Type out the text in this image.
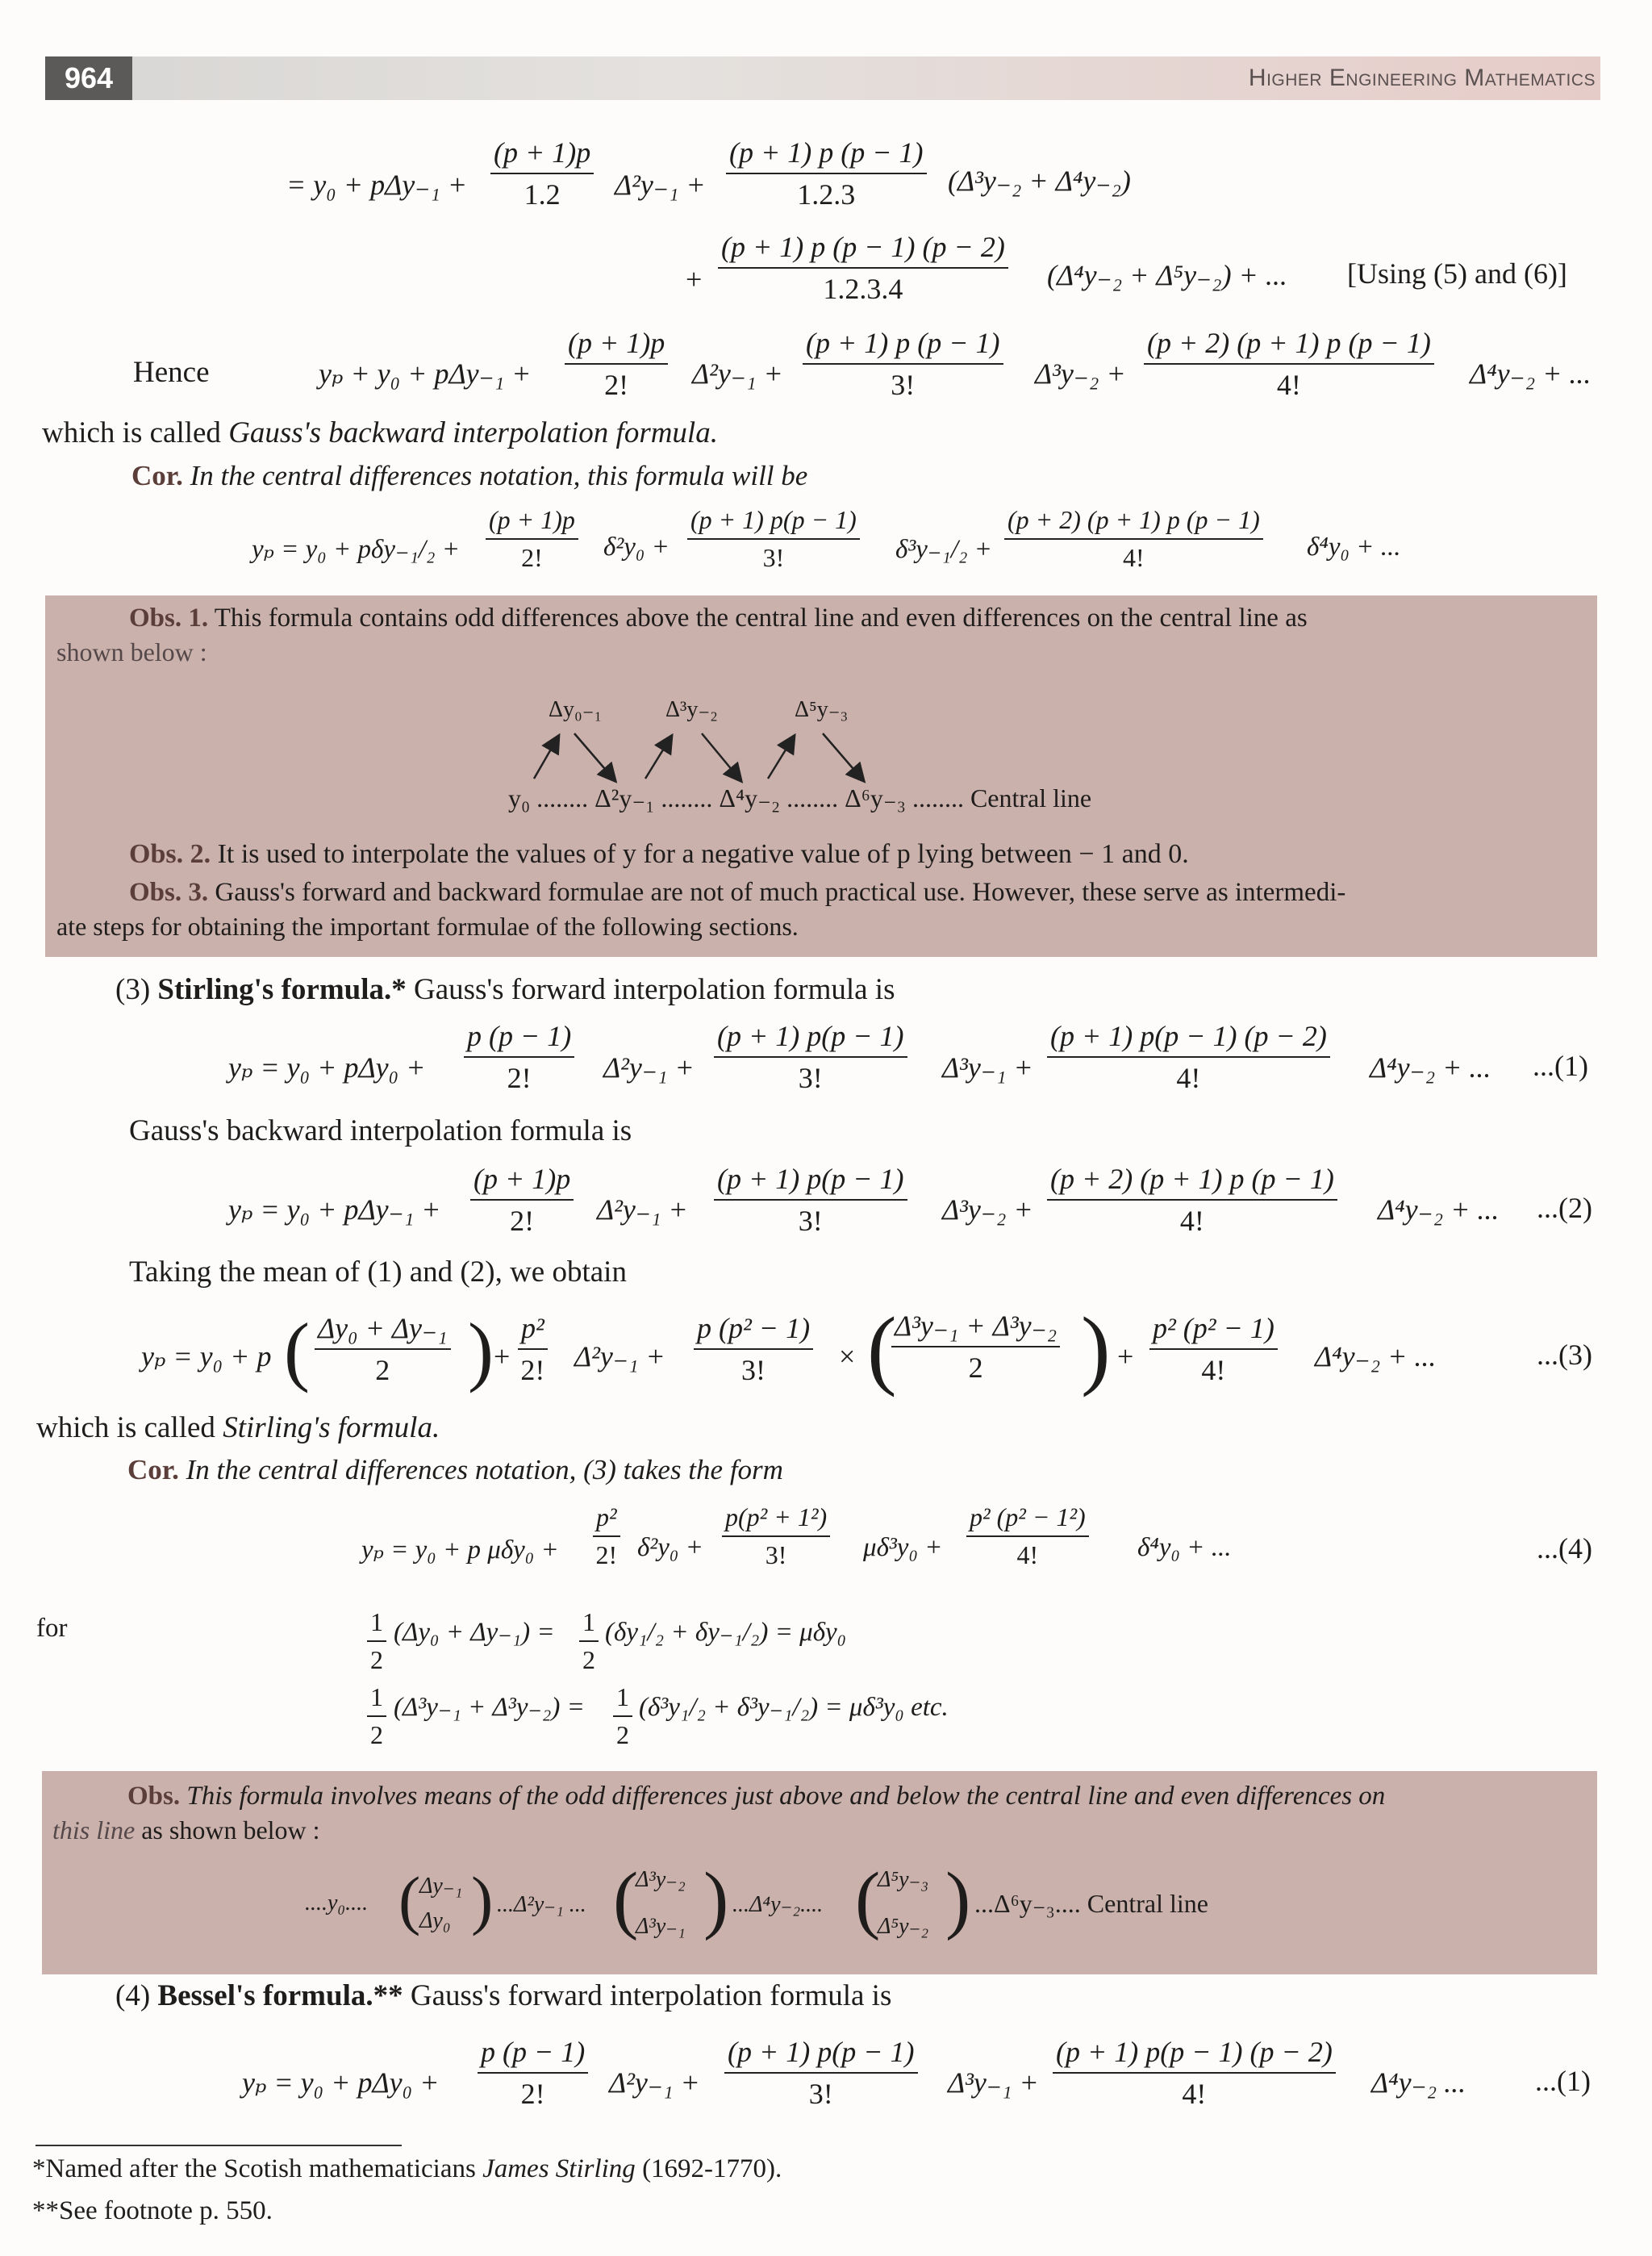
964	Higher Engineering Mathematics
= $y_0 + p\Delta y_{-1} + \frac{(p + 1)p}{1.2} \Delta^2y_{-1} + \frac{(p + 1) p (p - 1)}{1.2.3} (\Delta^3y_{-2} + \Delta^4y_{-2})$
+ $\frac{(p + 1) p (p - 1) (p - 2)}{1.2.3.4} (\Delta^4y_{-2} + \Delta^5y_{-2})$ + ... [Using (5) and (6)]
Hence	$y_p + y_0 + p\Delta y_{-1} + \frac{(p + 1)p}{2!} \Delta^2y_{-1} + \frac{(p + 1) p (p - 1)}{3!} \Delta^3y_{-2} + \frac{(p + 2) (p + 1) p (p - 1)}{4!} \Delta^4y_{-2}$ + ...
which is called Gauss's backward interpolation formula.
Cor. In the central differences notation, this formula will be
$y_p = y_0 + p\delta y_{-1}/_2 + \frac{(p + 1)p}{2!} \delta^2y_0 + \frac{(p + 1) p(p - 1)}{3!} \delta^3y_{-1}/_2 + \frac{(p + 2) (p + 1) p (p - 1)}{4!} \delta^4y_0$ + ...
Obs. 1. This formula contains odd differences above the central line and even differences on the central line as
shown below :
Δy₀₋₁	Δ³y₋₂	Δ⁵y₋₃
y₀ ........ Δ²y₋₁ ........ Δ⁴y₋₂ ........ Δ⁶y₋₃ ........ Central line
Obs. 2. It is used to interpolate the values of y for a negative value of p lying between − 1 and 0.
Obs. 3. Gauss's forward and backward formulae are not of much practical use. However, these serve as intermedi-
ate steps for obtaining the important formulae of the following sections.
(3) Stirling's formula.* Gauss's forward interpolation formula is
$y_p = y_0 + p\Delta y_0 + \frac{p (p - 1)}{2!} \Delta^2y_{-1} + \frac{(p + 1) p(p - 1)}{3!} \Delta^3y_{-1} + \frac{(p + 1) p(p - 1) (p - 2)}{4!} \Delta^4y_{-2}$ + ... ...(1)
Gauss's backward interpolation formula is
$y_p = y_0 + p\Delta y_{-1} + \frac{(p + 1)p}{2!} \Delta^2y_{-1} + \frac{(p + 1) p(p - 1)}{3!} \Delta^3y_{-2} + \frac{(p + 2) (p + 1) p (p - 1)}{4!} \Delta^4y_{-2}$ + ... ...(2)
Taking the mean of (1) and (2), we obtain
yₚ = y₀ + p ( $\frac{\text{Δy₀ + Δy₋₁}}{2}$ ) + $\frac{\text{p²}}{2!} \Delta^2y_{-1} + \frac{\text{p (p² − 1)}}{3!}$ × (
$\frac{\text{Δ³y₋₁ + Δ³y₋₂}}{2}$ ) + $\frac{\text{p² (p² − 1)}}{4!} \Delta^4y_{-2}$ + ...	...(3)
which is called Stirling's formula.
Cor. In the central differences notation, (3) takes the form
yₚ = y₀ + p $\mu\delta y_0 + \frac{\text{p²}}{2!} \delta^2y_0 + \frac{\text{p(p² + 1²)}}{3!} \mu\delta^3y_0 + \frac{\text{p² (p² − 1²)}}{4!} \delta^4y_0$ + ...	...(4)
for	$\frac{1}{2} (\Delta y_0 + \Delta y_{-1}) = \frac{1}{2} (\delta y_1/_2 + \delta y_{-1}/_2) = \mu\delta y_0$
$\frac{1}{2} (\Delta^3y_{-1} + \Delta^3y_{-2}) = \frac{1}{2} (\delta^3y_1/_2 + \delta^3y_{-1}/_2) = \mu\delta^3y_0$ etc.
Obs. This formula involves means of the odd differences just above and below the central line and even differences on
this line as shown below :
....y₀.... (
Δy₋₁
Δy₀ ) ...Δ²y₋₁ ... (
Δ³y₋₂
Δ³y₋₁ ) ...Δ⁴y₋₂.... (
Δ⁵y₋₃
Δ⁵y₋₂ ) ...Δ⁶y₋₃.... Central line
(4) Bessel's formula.** Gauss's forward interpolation formula is
$y_p = y_0 + p\Delta y_0 + \frac{p (p - 1)}{2!} \Delta^2y_{-1} + \frac{(p + 1) p(p - 1)}{3!} \Delta^3y_{-1} + \frac{(p + 1) p(p - 1) (p - 2)}{4!} \Delta^4y_{-2}$ ... ...(1)
*Named after the Scotish mathematicians James Stirling (1692-1770).
**See footnote p. 550.
